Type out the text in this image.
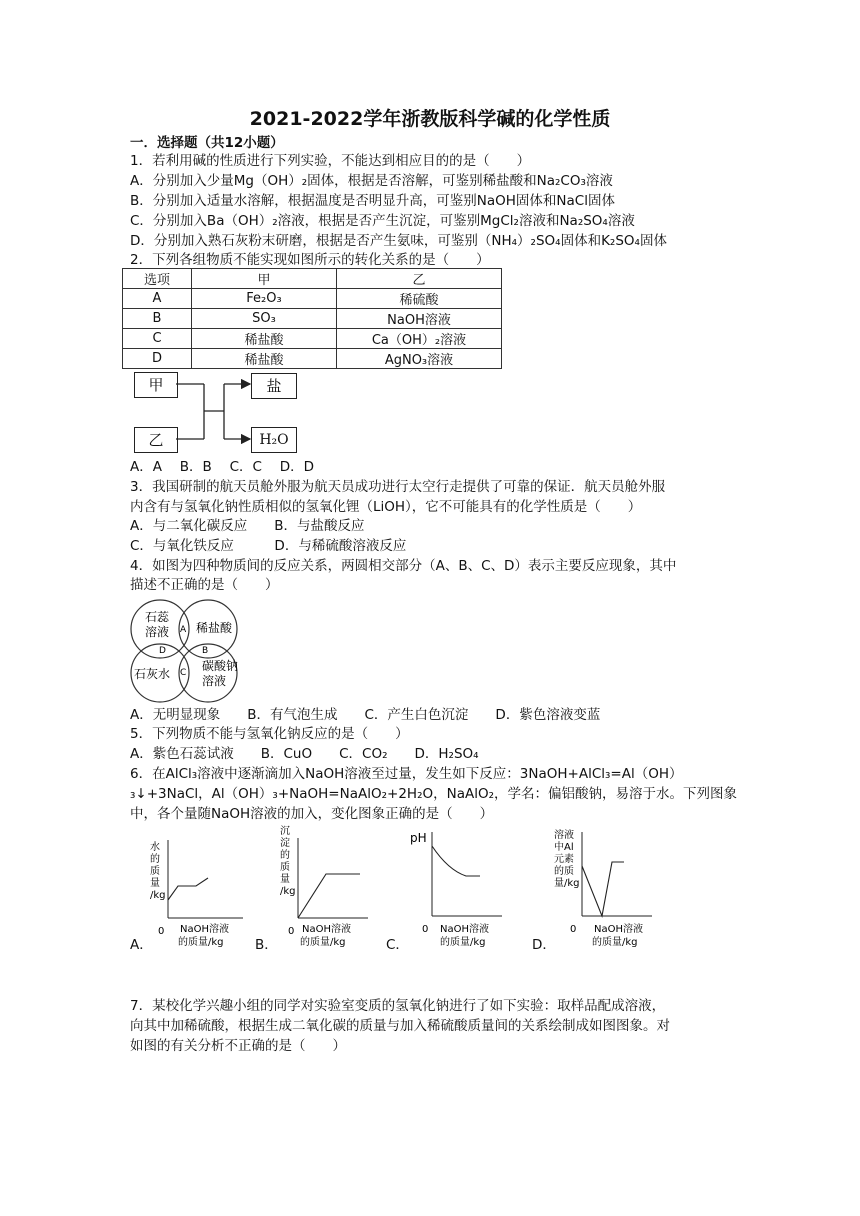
2021-2022学年浙教版科学碱的化学性质
一．选择题（共12小题）
1．若利用碱的性质进行下列实验，不能达到相应目的的是（　　）
A．分别加入少量Mg（OH）₂固体，根据是否溶解，可鉴别稀盐酸和Na₂CO₃溶液
B．分别加入适量水溶解，根据温度是否明显升高，可鉴别NaOH固体和NaCl固体
C．分别加入Ba（OH）₂溶液，根据是否产生沉淀，可鉴别MgCl₂溶液和Na₂SO₄溶液
D．分别加入熟石灰粉末研磨，根据是否产生氨味，可鉴别（NH₄）₂SO₄固体和K₂SO₄固体
2．下列各组物质不能实现如图所示的转化关系的是（　　）
选项	甲	乙
A	Fe₂O₃	稀硫酸
B	SO₃	NaOH溶液
C	稀盐酸	Ca（OH）₂溶液
D	稀盐酸	AgNO₃溶液
甲
乙
盐
H₂O
A．A　 B．B　 C．C　 D．D
3．我国研制的航天员舱外服为航天员成功进行太空行走提供了可靠的保证．航天员舱外服
内含有与氢氧化钠性质相似的氢氧化锂（LiOH），它不可能具有的化学性质是（　　）
A．与二氧化碳反应　　B．与盐酸反应
C．与氧化铁反应　　　D．与稀硫酸溶液反应
4．如图为四种物质间的反应关系，两圆相交部分（A、B、C、D）表示主要反应现象，其中
描述不正确的是（　　）
石蕊
溶液 稀盐酸
石灰水
碳酸钠
溶液
A
B
C
D
A．无明显现象　　B．有气泡生成　　C．产生白色沉淀　　D．紫色溶液变蓝
5．下列物质不能与氢氧化钠反应的是（　　）
A．紫色石蕊试液　　B．CuO　　C．CO₂　　D．H₂SO₄
6．在AlCl₃溶液中逐渐滴加入NaOH溶液至过量，发生如下反应：3NaOH+AlCl₃=Al（OH）
₃↓+3NaCl，Al（OH）₃+NaOH=NaAlO₂+2H₂O，NaAlO₂，学名：偏铝酸钠，易溶于水。下列图象
中，各个量随NaOH溶液的加入，变化图象正确的是（　　）
A．
水
的
质
量
/kg
0 NaOH溶液
的质量/kg B．
沉
淀
的
质
量
/kg
0 NaOH溶液
的质量/kg	C．
pH
0 NaOH溶液
的质量/kg	D．
溶液
中Al
元素
的质
量/kg
0 NaOH溶液
的质量/kg
7．某校化学兴趣小组的同学对实验室变质的氢氧化钠进行了如下实验：取样品配成溶液，
向其中加稀硫酸，根据生成二氧化碳的质量与加入稀硫酸质量间的关系绘制成如图图象。对
如图的有关分析不正确的是（　　）
